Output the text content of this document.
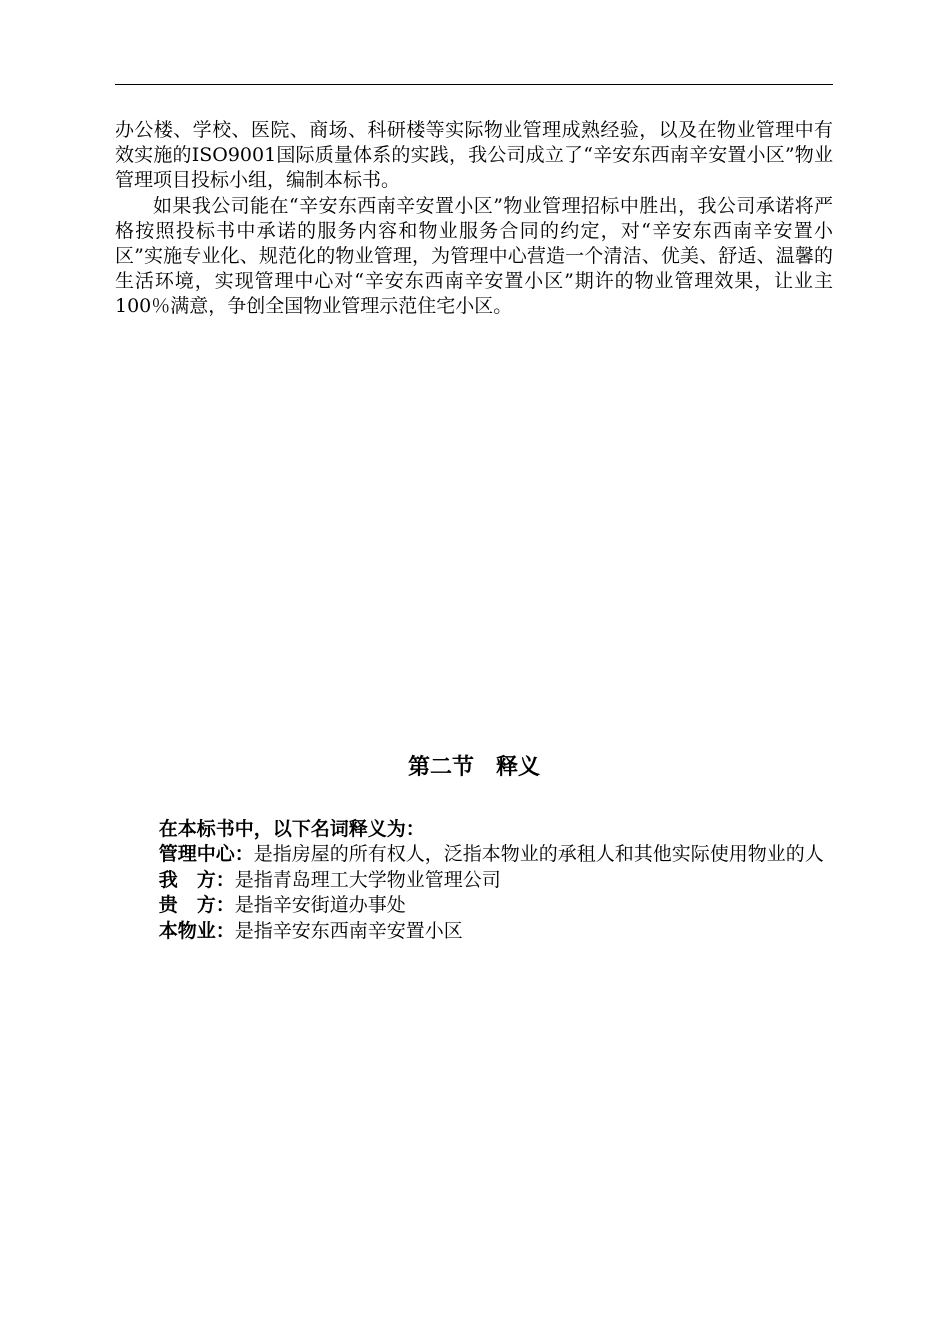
办公楼、学校、医院、商场、科研楼等实际物业管理成熟经验，以及在物业管理中有效实施的ISO9001国际质量体系的实践，我公司成立了“辛安东西南辛安置小区”物业管理项目投标小组，编制本标书。

如果我公司能在“辛安东西南辛安置小区”物业管理招标中胜出，我公司承诺将严格按照投标书中承诺的服务内容和物业服务合同的约定，对“辛安东西南辛安置小区”实施专业化、规范化的物业管理，为管理中心营造一个清洁、优美、舒适、温馨的生活环境，实现管理中心对“辛安东西南辛安置小区”期许的物业管理效果，让业主100％满意，争创全国物业管理示范住宅小区。

第二节　释义

在本标书中，以下名词释义为：

管理中心：是指房屋的所有权人，泛指本物业的承租人和其他实际使用物业的人

我　方：是指青岛理工大学物业管理公司

贵　方：是指辛安街道办事处

本物业：是指辛安东西南辛安置小区
